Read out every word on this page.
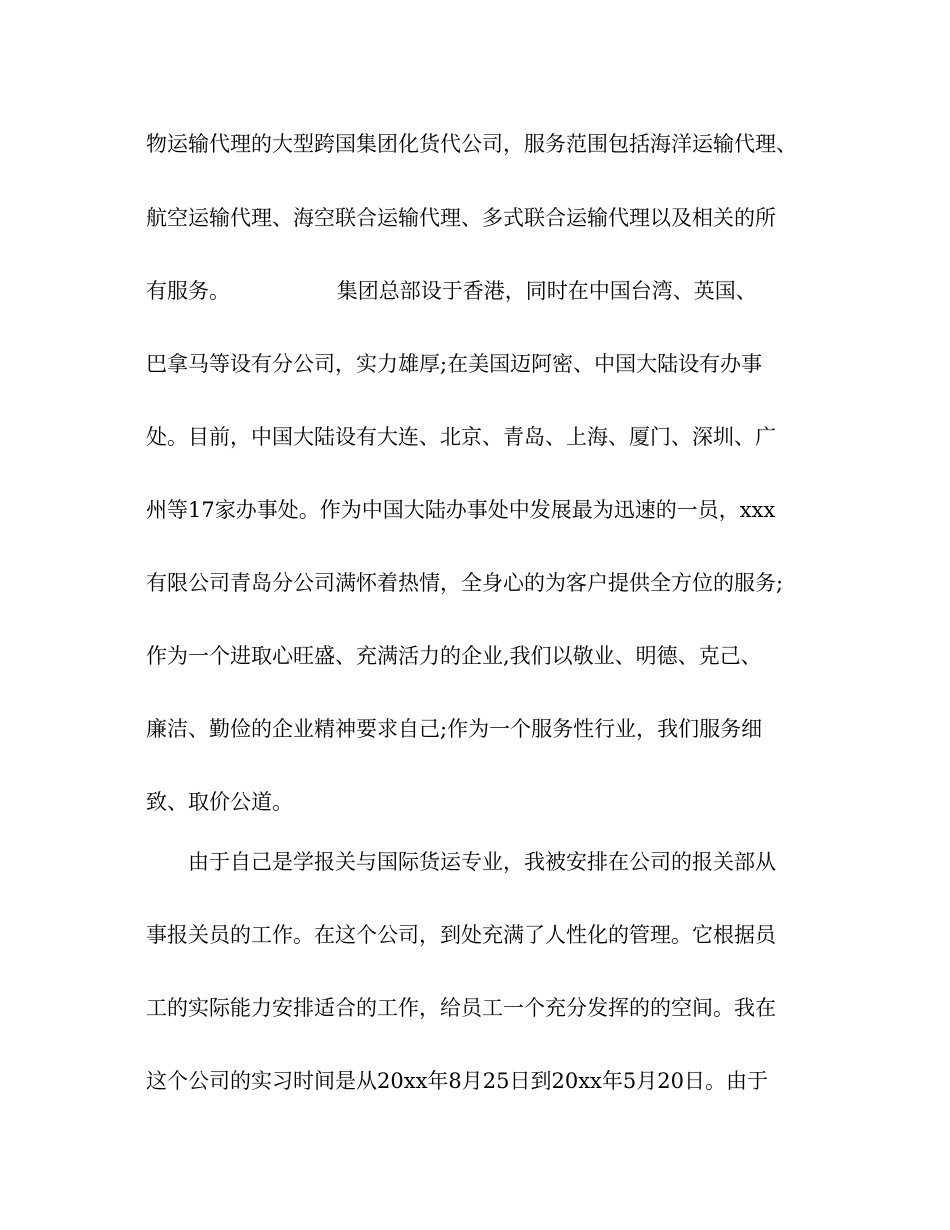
物运输代理的大型跨国集团化货代公司，服务范围包括海洋运输代理、

航空运输代理、海空联合运输代理、多式联合运输代理以及相关的所

有服务。                集团总部设于香港，同时在中国台湾、英国、

巴拿马等设有分公司，实力雄厚;在美国迈阿密、中国大陆设有办事

处。目前，中国大陆设有大连、北京、青岛、上海、厦门、深圳、广

州等17家办事处。作为中国大陆办事处中发展最为迅速的一员，xxx

有限公司青岛分公司满怀着热情，全身心的为客户提供全方位的服务;

作为一个进取心旺盛、充满活力的企业,我们以敬业、明德、克己、

廉洁、勤俭的企业精神要求自己;作为一个服务性行业，我们服务细

致、取价公道。

由于自己是学报关与国际货运专业，我被安排在公司的报关部从

事报关员的工作。在这个公司，到处充满了人性化的管理。它根据员

工的实际能力安排适合的工作，给员工一个充分发挥的的空间。我在

这个公司的实习时间是从20xx年8月25日到20xx年5月20日。由于
